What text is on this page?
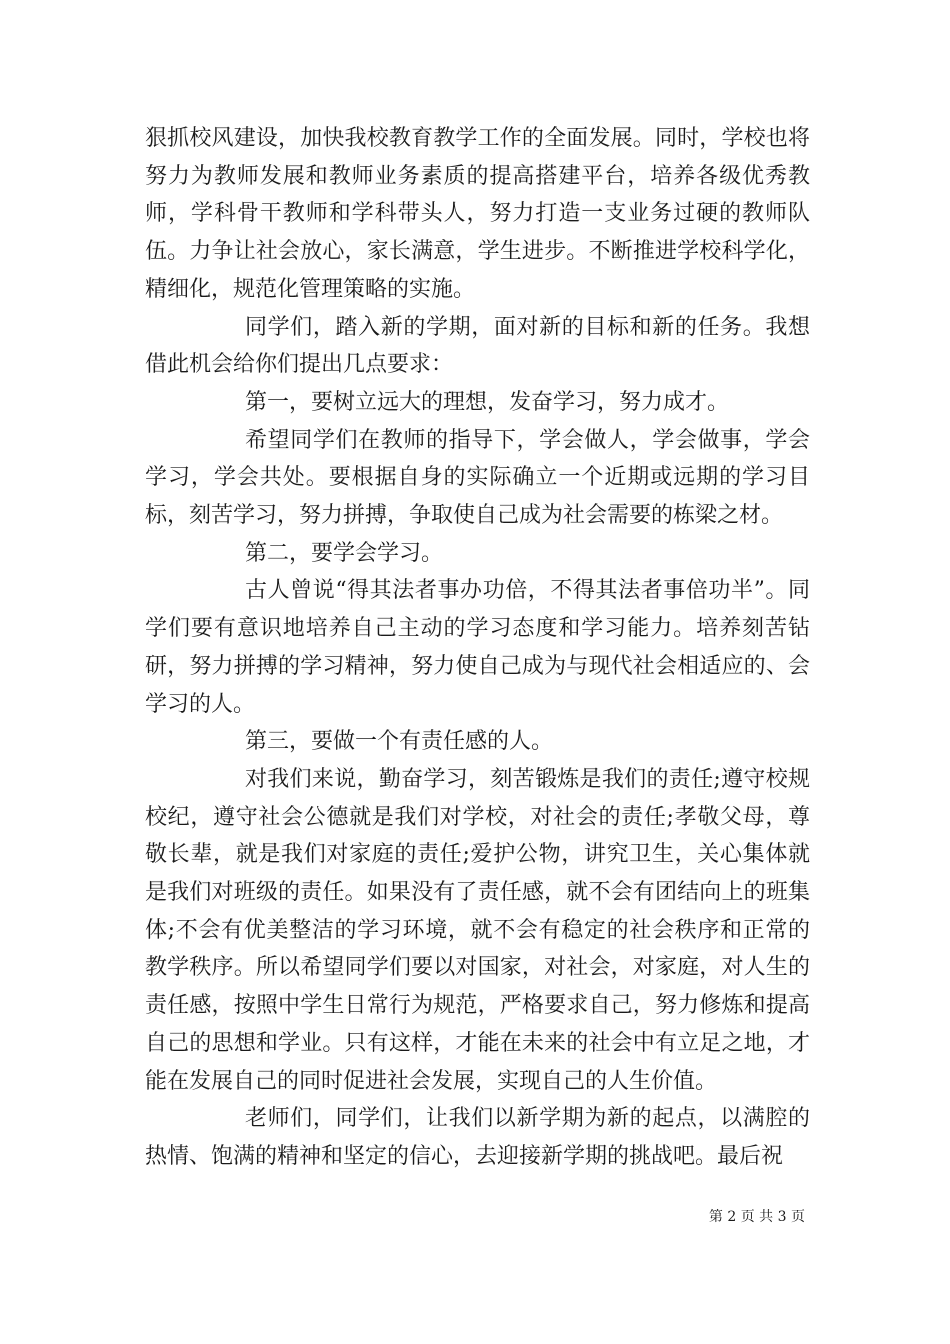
狠抓校风建设，加快我校教育教学工作的全面发展。同时，学校也将努力为教师发展和教师业务素质的提高搭建平台，培养各级优秀教师，学科骨干教师和学科带头人，努力打造一支业务过硬的教师队伍。力争让社会放心，家长满意，学生进步。不断推进学校科学化，精细化，规范化管理策略的实施。

同学们，踏入新的学期，面对新的目标和新的任务。我想借此机会给你们提出几点要求：

第一，要树立远大的理想，发奋学习，努力成才。

希望同学们在教师的指导下，学会做人，学会做事，学会学习，学会共处。要根据自身的实际确立一个近期或远期的学习目标，刻苦学习，努力拼搏，争取使自己成为社会需要的栋梁之材。

第二，要学会学习。

古人曾说“得其法者事办功倍，不得其法者事倍功半”。同学们要有意识地培养自己主动的学习态度和学习能力。培养刻苦钻研，努力拼搏的学习精神，努力使自己成为与现代社会相适应的、会学习的人。

第三，要做一个有责任感的人。

对我们来说，勤奋学习，刻苦锻炼是我们的责任;遵守校规校纪，遵守社会公德就是我们对学校，对社会的责任;孝敬父母，尊敬长辈，就是我们对家庭的责任;爱护公物，讲究卫生，关心集体就是我们对班级的责任。如果没有了责任感，就不会有团结向上的班集体;不会有优美整洁的学习环境，就不会有稳定的社会秩序和正常的教学秩序。所以希望同学们要以对国家，对社会，对家庭，对人生的责任感，按照中学生日常行为规范，严格要求自己，努力修炼和提高自己的思想和学业。只有这样，才能在未来的社会中有立足之地，才能在发展自己的同时促进社会发展，实现自己的人生价值。

老师们，同学们，让我们以新学期为新的起点，以满腔的热情、饱满的精神和坚定的信心，去迎接新学期的挑战吧。最后祝

第 2 页 共 3 页
